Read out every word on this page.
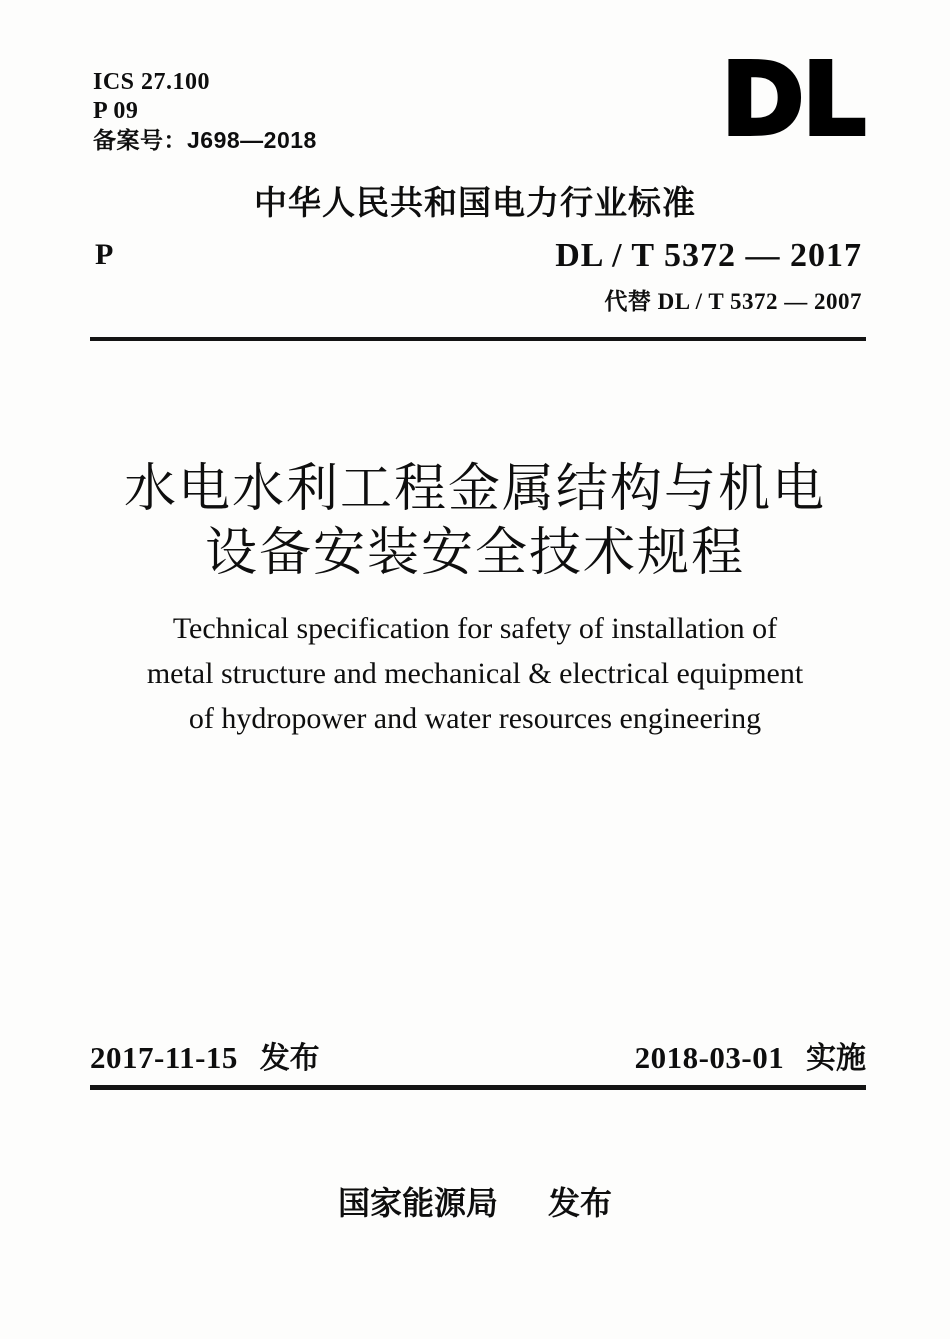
ICS 27.100
P 09
备案号：J698—2018	DL
中华人民共和国电力行业标准
P	DL / T 5372 — 2017
代替 DL / T 5372 — 2007
水电水利工程金属结构与机电
设备安装安全技术规程
Technical specification for safety of installation of
metal structure and mechanical & electrical equipment
of hydropower and water resources engineering
2017-11-15 发布	2018-03-01 实施
国家能源局 发布
